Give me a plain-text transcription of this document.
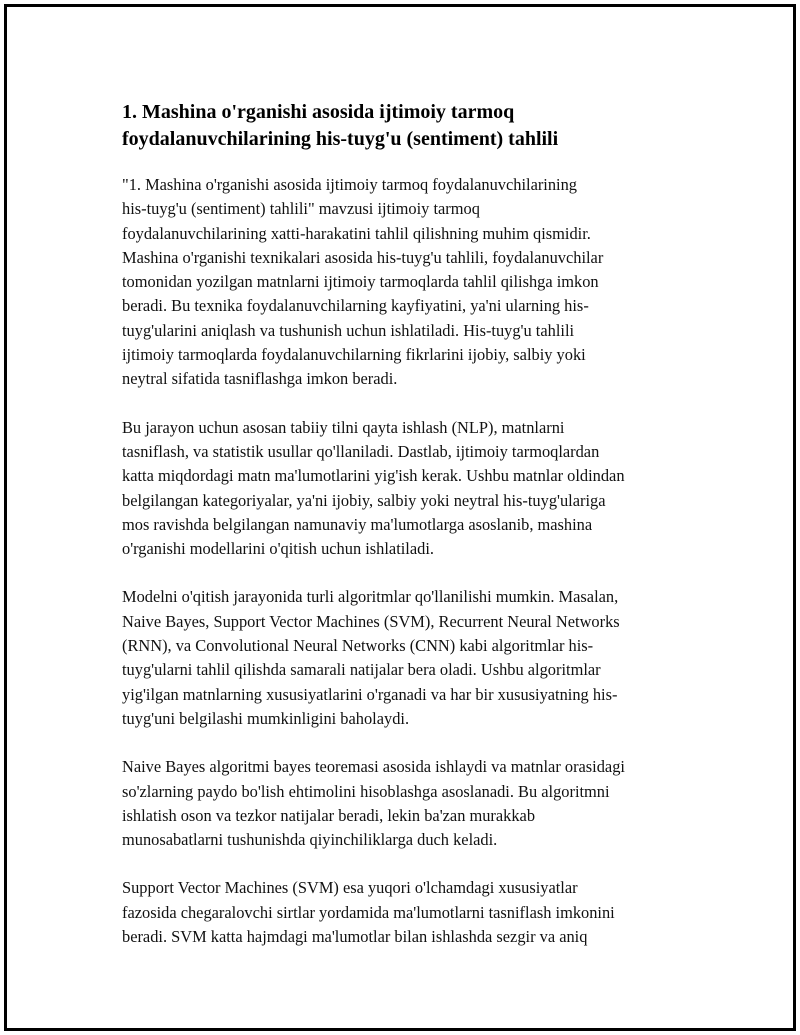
1. Mashina o'rganishi asosida ijtimoiy tarmoq foydalanuvchilarining his-tuyg'u (sentiment) tahlili

"1. Mashina o'rganishi asosida ijtimoiy tarmoq foydalanuvchilarining
his-tuyg'u (sentiment) tahlili" mavzusi ijtimoiy tarmoq
foydalanuvchilarining xatti-harakatini tahlil qilishning muhim qismidir.
Mashina o'rganishi texnikalari asosida his-tuyg'u tahlili, foydalanuvchilar
tomonidan yozilgan matnlarni ijtimoiy tarmoqlarda tahlil qilishga imkon
beradi. Bu texnika foydalanuvchilarning kayfiyatini, ya'ni ularning his-
tuyg'ularini aniqlash va tushunish uchun ishlatiladi. His-tuyg'u tahlili
ijtimoiy tarmoqlarda foydalanuvchilarning fikrlarini ijobiy, salbiy yoki
neytral sifatida tasniflashga imkon beradi.

Bu jarayon uchun asosan tabiiy tilni qayta ishlash (NLP), matnlarni
tasniflash, va statistik usullar qo'llaniladi. Dastlab, ijtimoiy tarmoqlardan
katta miqdordagi matn ma'lumotlarini yig'ish kerak. Ushbu matnlar oldindan
belgilangan kategoriyalar, ya'ni ijobiy, salbiy yoki neytral his-tuyg'ulariga
mos ravishda belgilangan namunaviy ma'lumotlarga asoslanib, mashina
o'rganishi modellarini o'qitish uchun ishlatiladi.

Modelni o'qitish jarayonida turli algoritmlar qo'llanilishi mumkin. Masalan,
Naive Bayes, Support Vector Machines (SVM), Recurrent Neural Networks
(RNN), va Convolutional Neural Networks (CNN) kabi algoritmlar his-
tuyg'ularni tahlil qilishda samarali natijalar bera oladi. Ushbu algoritmlar
yig'ilgan matnlarning xususiyatlarini o'rganadi va har bir xususiyatning his-
tuyg'uni belgilashi mumkinligini baholaydi.

Naive Bayes algoritmi bayes teoremasi asosida ishlaydi va matnlar orasidagi
so'zlarning paydo bo'lish ehtimolini hisoblashga asoslanadi. Bu algoritmni
ishlatish oson va tezkor natijalar beradi, lekin ba'zan murakkab
munosabatlarni tushunishda qiyinchiliklarga duch keladi.

Support Vector Machines (SVM) esa yuqori o'lchamdagi xususiyatlar
fazosida chegaralovchi sirtlar yordamida ma'lumotlarni tasniflash imkonini
beradi. SVM katta hajmdagi ma'lumotlar bilan ishlashda sezgir va aniq
